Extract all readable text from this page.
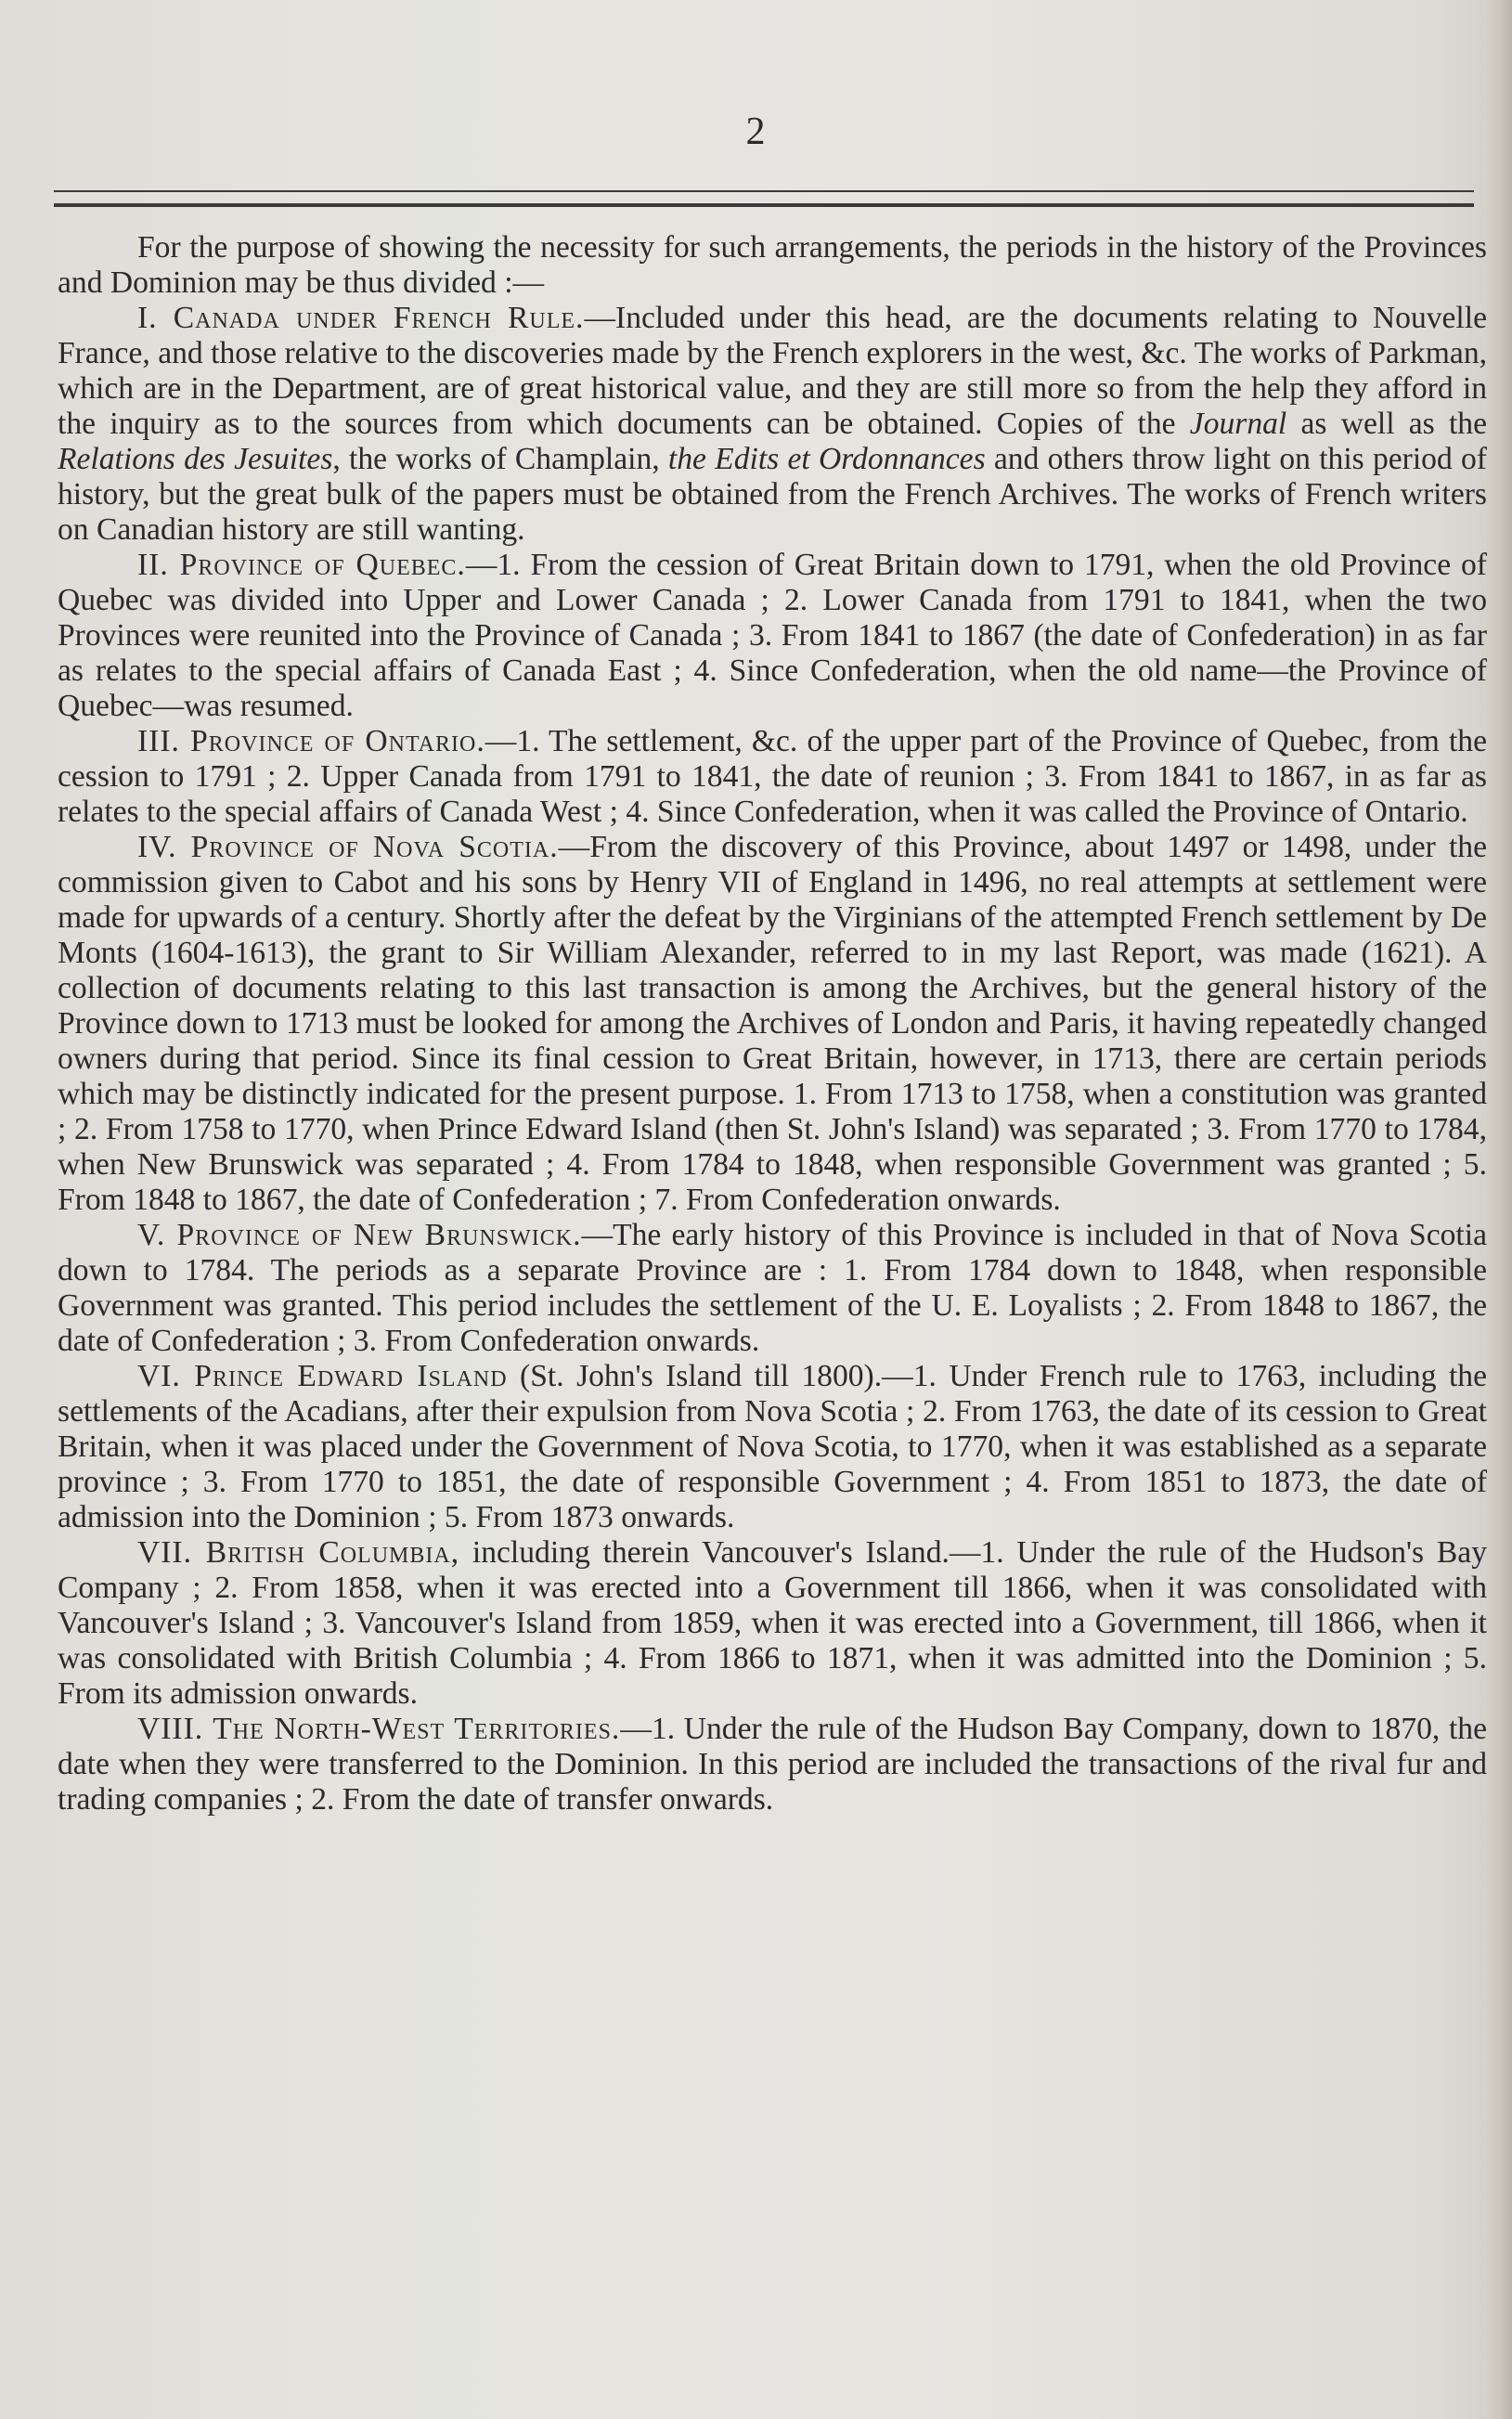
2

For the purpose of showing the necessity for such arrangements, the periods in the history of the Provinces and Dominion may be thus divided :—

I. Canada under French Rule.—Included under this head, are the documents relating to Nouvelle France, and those relative to the discoveries made by the French explorers in the west, &c. The works of Parkman, which are in the Department, are of great historical value, and they are still more so from the help they afford in the inquiry as to the sources from which documents can be obtained. Copies of the Journal as well as the Relations des Jesuites, the works of Champlain, the Edits et Ordonnances and others throw light on this period of history, but the great bulk of the papers must be obtained from the French Archives. The works of French writers on Canadian history are still wanting.

II. Province of Quebec.—1. From the cession of Great Britain down to 1791, when the old Province of Quebec was divided into Upper and Lower Canada ; 2. Lower Canada from 1791 to 1841, when the two Provinces were reunited into the Province of Canada ; 3. From 1841 to 1867 (the date of Confederation) in as far as relates to the special affairs of Canada East ; 4. Since Confederation, when the old name—the Province of Quebec—was resumed.

III. Province of Ontario.—1. The settlement, &c. of the upper part of the Province of Quebec, from the cession to 1791 ; 2. Upper Canada from 1791 to 1841, the date of reunion ; 3. From 1841 to 1867, in as far as relates to the special affairs of Canada West ; 4. Since Confederation, when it was called the Province of Ontario.

IV. Province of Nova Scotia.—From the discovery of this Province, about 1497 or 1498, under the commission given to Cabot and his sons by Henry VII of England in 1496, no real attempts at settlement were made for upwards of a century. Shortly after the defeat by the Virginians of the attempted French settlement by De Monts (1604-1613), the grant to Sir William Alexander, referred to in my last Report, was made (1621). A collection of documents relating to this last transaction is among the Archives, but the general history of the Province down to 1713 must be looked for among the Archives of London and Paris, it having repeatedly changed owners during that period. Since its final cession to Great Britain, however, in 1713, there are certain periods which may be distinctly indicated for the present purpose. 1. From 1713 to 1758, when a constitution was granted ; 2. From 1758 to 1770, when Prince Edward Island (then St. John's Island) was separated ; 3. From 1770 to 1784, when New Brunswick was separated ; 4. From 1784 to 1848, when responsible Government was granted ; 5. From 1848 to 1867, the date of Confederation ; 7. From Confederation onwards.

V. Province of New Brunswick.—The early history of this Province is included in that of Nova Scotia down to 1784. The periods as a separate Province are : 1. From 1784 down to 1848, when responsible Government was granted. This period includes the settlement of the U. E. Loyalists ; 2. From 1848 to 1867, the date of Confederation ; 3. From Confederation onwards.

VI. Prince Edward Island (St. John's Island till 1800).—1. Under French rule to 1763, including the settlements of the Acadians, after their expulsion from Nova Scotia ; 2. From 1763, the date of its cession to Great Britain, when it was placed under the Government of Nova Scotia, to 1770, when it was established as a separate province ; 3. From 1770 to 1851, the date of responsible Government ; 4. From 1851 to 1873, the date of admission into the Dominion ; 5. From 1873 onwards.

VII. British Columbia, including therein Vancouver's Island.—1. Under the rule of the Hudson's Bay Company ; 2. From 1858, when it was erected into a Government till 1866, when it was consolidated with Vancouver's Island ; 3. Vancouver's Island from 1859, when it was erected into a Government, till 1866, when it was consolidated with British Columbia ; 4. From 1866 to 1871, when it was admitted into the Dominion ; 5. From its admission onwards.

VIII. The North-West Territories.—1. Under the rule of the Hudson Bay Company, down to 1870, the date when they were transferred to the Dominion. In this period are included the transactions of the rival fur and trading companies ; 2. From the date of transfer onwards.
